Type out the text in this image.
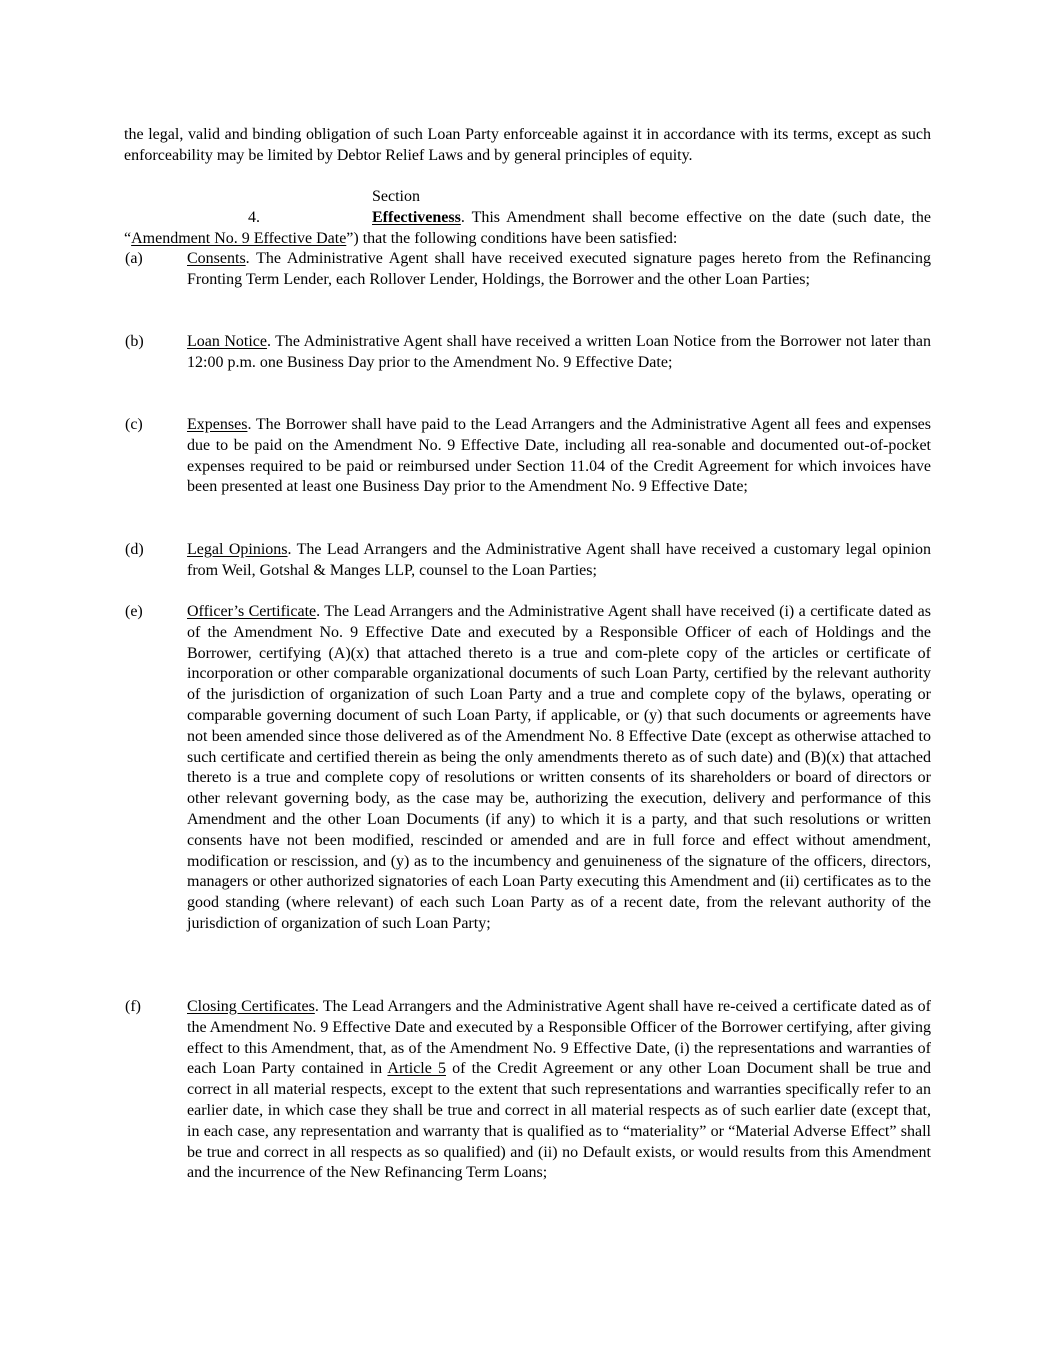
the legal, valid and binding obligation of such Loan Party enforceable against it in accordance with its terms, except as such enforceability may be limited by Debtor Relief Laws and by general principles of equity.

Section 4.	Effectiveness. This Amendment shall become effective on the date (such date, the “Amendment No. 9 Effective Date”) that the following conditions have been satisfied:

(a)	Consents. The Administrative Agent shall have received executed signature pages hereto from the Refinancing Fronting Term Lender, each Rollover Lender, Holdings, the Borrower and the other Loan Parties;

(b)	Loan Notice. The Administrative Agent shall have received a written Loan Notice from the Borrower not later than 12:00 p.m. one Business Day prior to the Amendment No. 9 Effective Date;

(c)	Expenses. The Borrower shall have paid to the Lead Arrangers and the Administrative Agent all fees and expenses due to be paid on the Amendment No. 9 Effective Date, including all rea-sonable and documented out-of-pocket expenses required to be paid or reimbursed under Section 11.04 of the Credit Agreement for which invoices have been presented at least one Business Day prior to the Amendment No. 9 Effective Date;

(d)	Legal Opinions. The Lead Arrangers and the Administrative Agent shall have received a customary legal opinion from Weil, Gotshal & Manges LLP, counsel to the Loan Parties;

(e)	Officer’s Certificate. The Lead Arrangers and the Administrative Agent shall have received (i) a certificate dated as of the Amendment No. 9 Effective Date and executed by a Responsible Officer of each of Holdings and the Borrower, certifying (A)(x) that attached thereto is a true and com-plete copy of the articles or certificate of incorporation or other comparable organizational documents of such Loan Party, certified by the relevant authority of the jurisdiction of organization of such Loan Party and a true and complete copy of the bylaws, operating or comparable governing document of such Loan Party, if applicable, or (y) that such documents or agreements have not been amended since those delivered as of the Amendment No. 8 Effective Date (except as otherwise attached to such certificate and certified therein as being the only amendments thereto as of such date) and (B)(x) that attached thereto is a true and complete copy of resolutions or written consents of its shareholders or board of directors or other relevant governing body, as the case may be, authorizing the execution, delivery and performance of this Amendment and the other Loan Documents (if any) to which it is a party, and that such resolutions or written consents have not been modified, rescinded or amended and are in full force and effect without amendment, modification or rescission, and (y) as to the incumbency and genuineness of the signature of the officers, directors, managers or other authorized signatories of each Loan Party executing this Amendment and (ii) certificates as to the good standing (where relevant) of each such Loan Party as of a recent date, from the relevant authority of the jurisdiction of organization of such Loan Party;

(f)	Closing Certificates. The Lead Arrangers and the Administrative Agent shall have re-ceived a certificate dated as of the Amendment No. 9 Effective Date and executed by a Responsible Officer of the Borrower certifying, after giving effect to this Amendment, that, as of the Amendment No. 9 Effective Date, (i) the representations and warranties of each Loan Party contained in Article 5 of the Credit Agreement or any other Loan Document shall be true and correct in all material respects, except to the extent that such representations and warranties specifically refer to an earlier date, in which case they shall be true and correct in all material respects as of such earlier date (except that, in each case, any representation and warranty that is qualified as to “materiality” or “Material Adverse Effect” shall be true and correct in all respects as so qualified) and (ii) no Default exists, or would results from this Amendment and the incurrence of the New Refinancing Term Loans;
